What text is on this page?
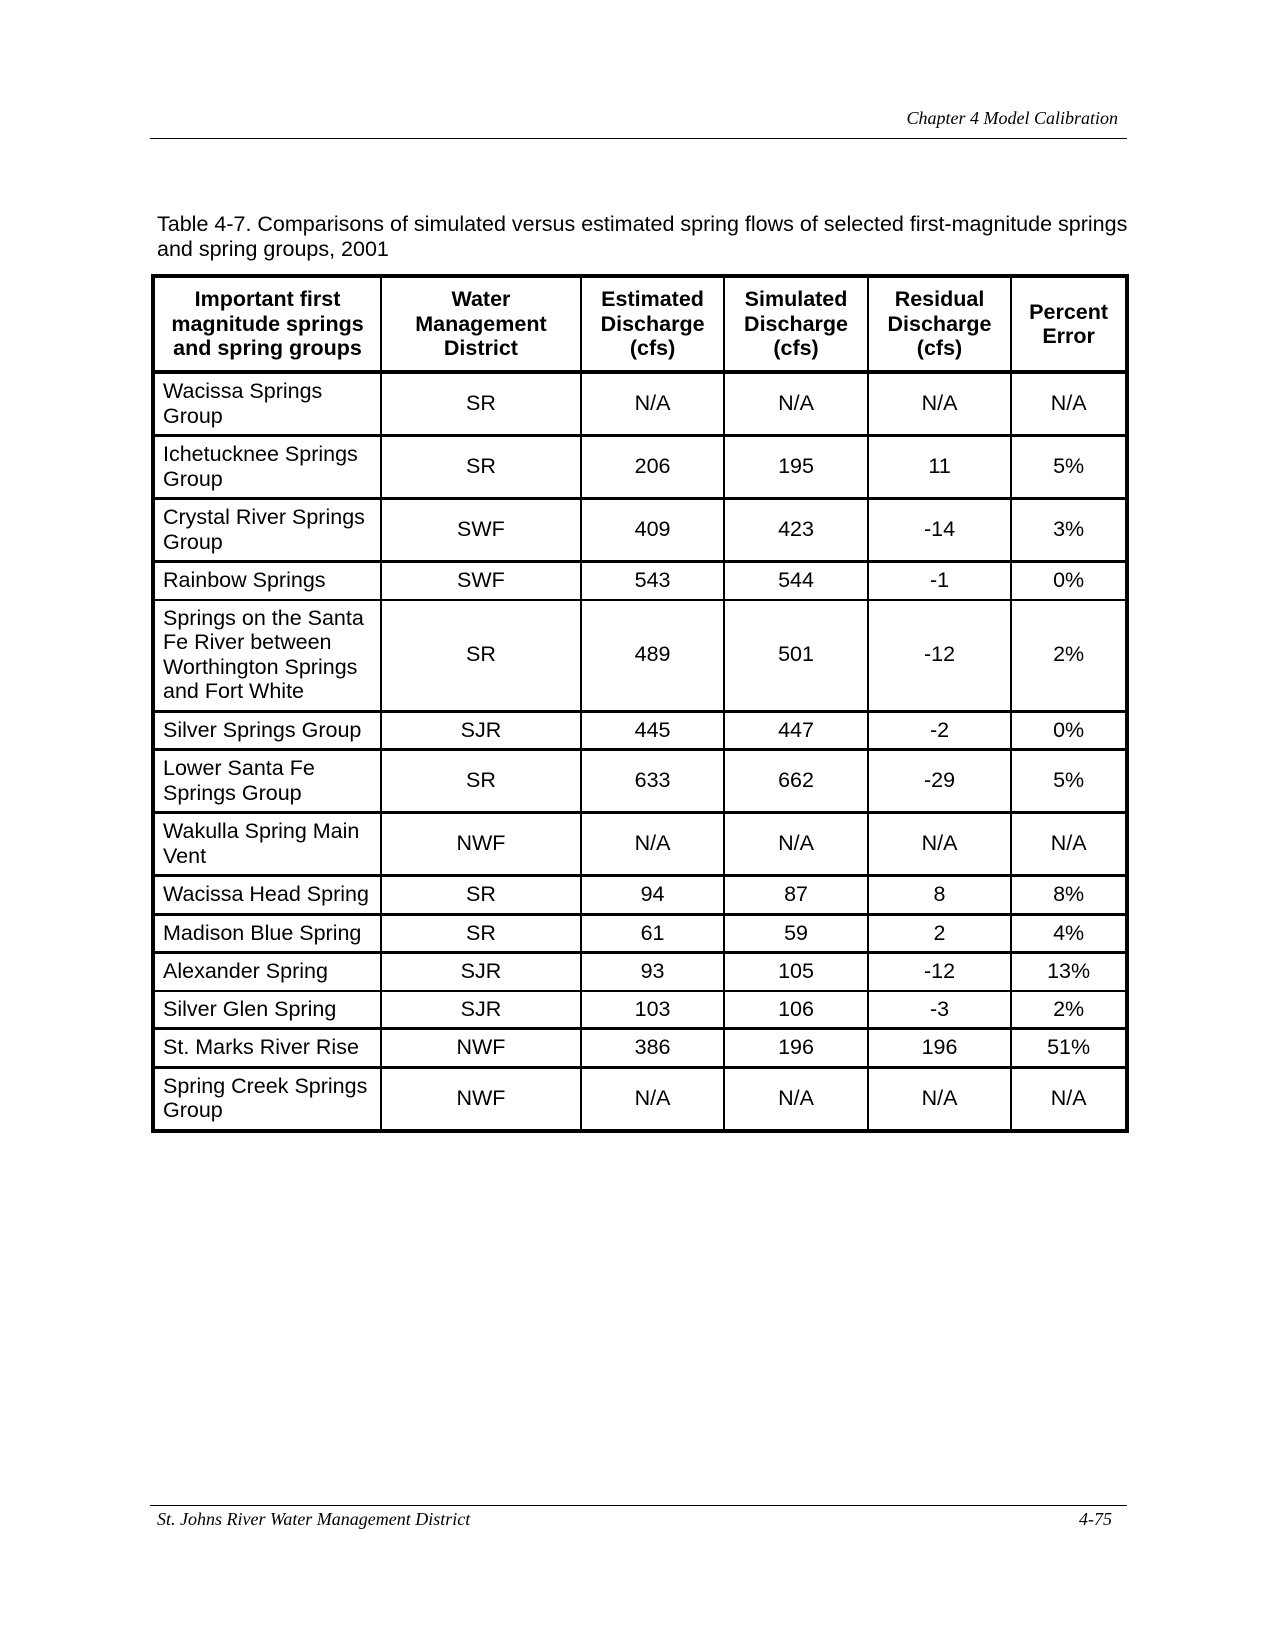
Chapter 4 Model Calibration
Table 4-7. Comparisons of simulated versus estimated spring flows of selected first-magnitude springs and spring groups, 2001
Important first magnitude springs and spring groups	Water Management District	Estimated Discharge (cfs)	Simulated Discharge (cfs)	Residual Discharge (cfs)	Percent Error
Wacissa Springs Group	SR	N/A	N/A	N/A	N/A
Ichetucknee Springs Group	SR	206	195	11	5%
Crystal River Springs Group	SWF	409	423	-14	3%
Rainbow Springs	SWF	543	544	-1	0%
Springs on the Santa Fe River between Worthington Springs and Fort White	SR	489	501	-12	2%
Silver Springs Group	SJR	445	447	-2	0%
Lower Santa Fe Springs Group	SR	633	662	-29	5%
Wakulla Spring Main Vent	NWF	N/A	N/A	N/A	N/A
Wacissa Head Spring	SR	94	87	8	8%
Madison Blue Spring	SR	61	59	2	4%
Alexander Spring	SJR	93	105	-12	13%
Silver Glen Spring	SJR	103	106	-3	2%
St. Marks River Rise	NWF	386	196	196	51%
Spring Creek Springs Group	NWF	N/A	N/A	N/A	N/A
St. Johns River Water Management District	4-75
